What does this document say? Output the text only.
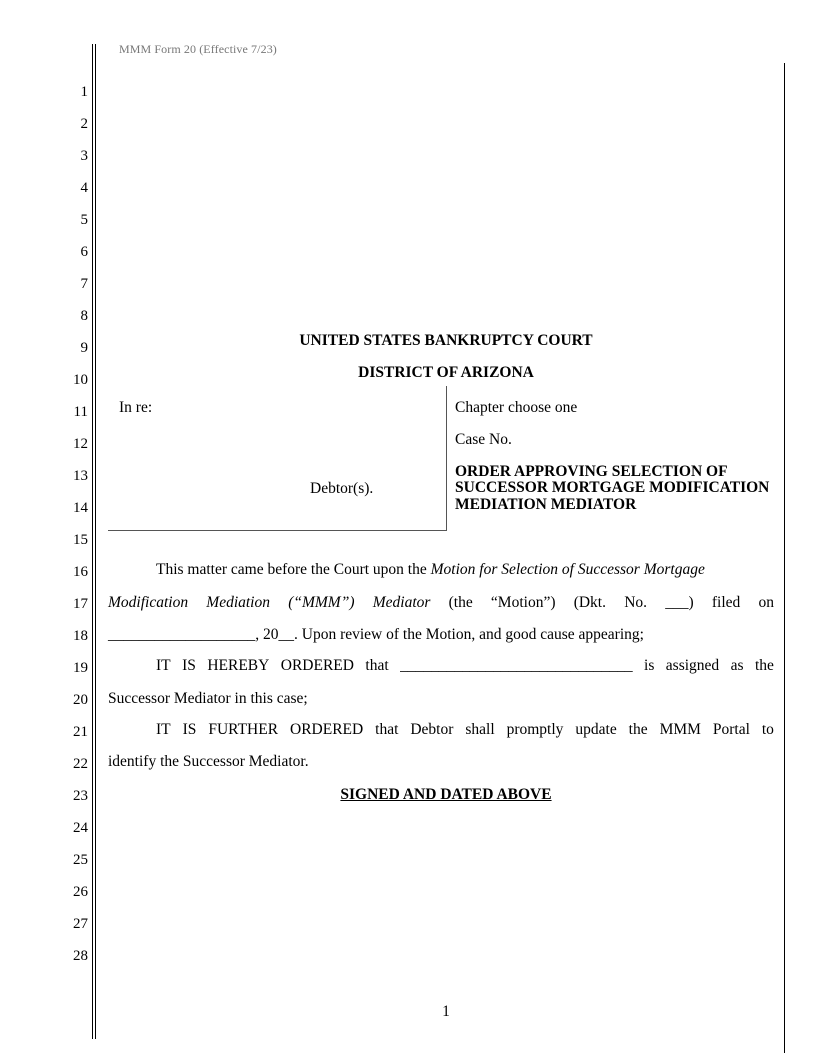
MMM Form 20 (Effective 7/23)
1
2
3
4
5
6
7
8
9
10
11
12
13
14
15
16
17
18
19
20
21
22
23
24
25
26
27
28
UNITED STATES BANKRUPTCY COURT
DISTRICT OF ARIZONA
In re:
Debtor(s).
Chapter choose one
Case No.
ORDER APPROVING SELECTION OF SUCCESSOR MORTGAGE MODIFICATION MEDIATION MEDIATOR
This matter came before the Court upon the Motion for Selection of Successor Mortgage
Modification Mediation (“MMM”) Mediator (the “Motion”) (Dkt. No. ___) filed on
___________________, 20__. Upon review of the Motion, and good cause appearing;
IT IS HEREBY ORDERED that ______________________________ is assigned as the
Successor Mediator in this case;
IT IS FURTHER ORDERED that Debtor shall promptly update the MMM Portal to
identify the Successor Mediator.
SIGNED AND DATED ABOVE
1
